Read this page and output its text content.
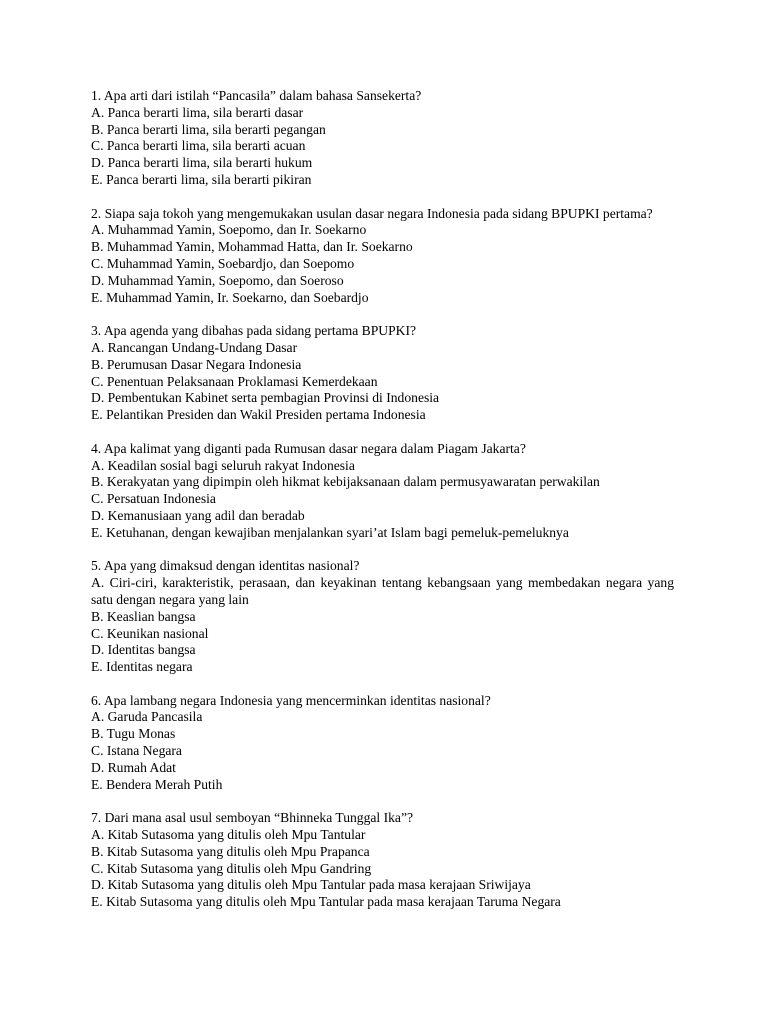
1. Apa arti dari istilah “Pancasila” dalam bahasa Sansekerta?
A. Panca berarti lima, sila berarti dasar
B. Panca berarti lima, sila berarti pegangan
C. Panca berarti lima, sila berarti acuan
D. Panca berarti lima, sila berarti hukum
E. Panca berarti lima, sila berarti pikiran
2. Siapa saja tokoh yang mengemukakan usulan dasar negara Indonesia pada sidang BPUPKI pertama?
A. Muhammad Yamin, Soepomo, dan Ir. Soekarno
B. Muhammad Yamin, Mohammad Hatta, dan Ir. Soekarno
C. Muhammad Yamin, Soebardjo, dan Soepomo
D. Muhammad Yamin, Soepomo, dan Soeroso
E. Muhammad Yamin, Ir. Soekarno, dan Soebardjo
3. Apa agenda yang dibahas pada sidang pertama BPUPKI?
A. Rancangan Undang-Undang Dasar
B. Perumusan Dasar Negara Indonesia
C. Penentuan Pelaksanaan Proklamasi Kemerdekaan
D. Pembentukan Kabinet serta pembagian Provinsi di Indonesia
E. Pelantikan Presiden dan Wakil Presiden pertama Indonesia
4. Apa kalimat yang diganti pada Rumusan dasar negara dalam Piagam Jakarta?
A. Keadilan sosial bagi seluruh rakyat Indonesia
B. Kerakyatan yang dipimpin oleh hikmat kebijaksanaan dalam permusyawaratan perwakilan
C. Persatuan Indonesia
D. Kemanusiaan yang adil dan beradab
E. Ketuhanan, dengan kewajiban menjalankan syari’at Islam bagi pemeluk-pemeluknya
5. Apa yang dimaksud dengan identitas nasional?
A. Ciri-ciri, karakteristik, perasaan, dan keyakinan tentang kebangsaan yang membedakan negara yang satu dengan negara yang lain
B. Keaslian bangsa
C. Keunikan nasional
D. Identitas bangsa
E. Identitas negara
6. Apa lambang negara Indonesia yang mencerminkan identitas nasional?
A. Garuda Pancasila
B. Tugu Monas
C. Istana Negara
D. Rumah Adat
E. Bendera Merah Putih
7. Dari mana asal usul semboyan “Bhinneka Tunggal Ika”?
A. Kitab Sutasoma yang ditulis oleh Mpu Tantular
B. Kitab Sutasoma yang ditulis oleh Mpu Prapanca
C. Kitab Sutasoma yang ditulis oleh Mpu Gandring
D. Kitab Sutasoma yang ditulis oleh Mpu Tantular pada masa kerajaan Sriwijaya
E. Kitab Sutasoma yang ditulis oleh Mpu Tantular pada masa kerajaan Taruma Negara
